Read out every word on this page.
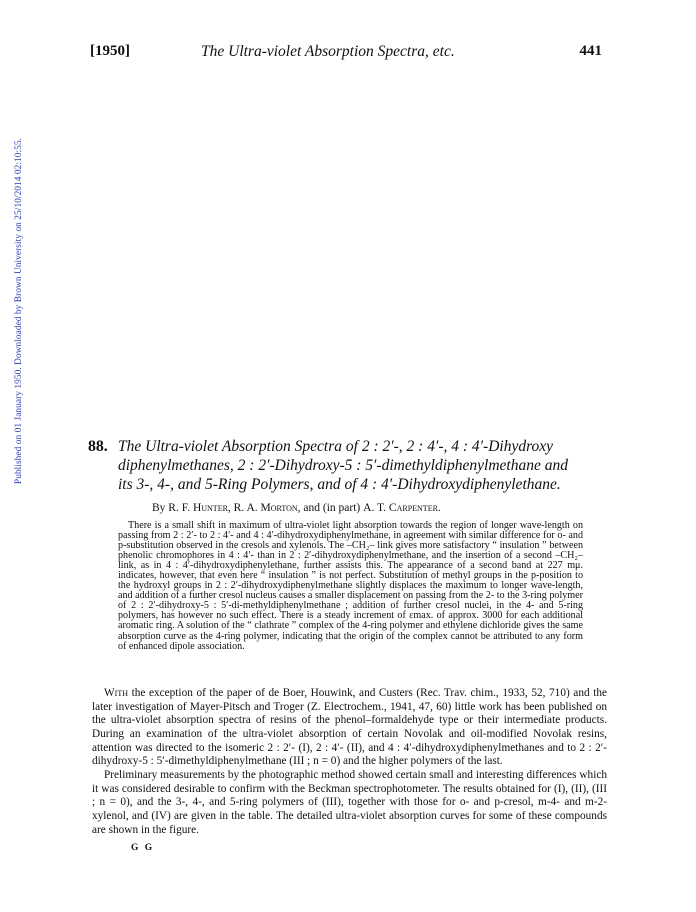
Published on 01 January 1950. Downloaded by Brown University on 25/10/2014 02:10:55.
[1950]	The Ultra-violet Absorption Spectra, etc.	441
88. The Ultra-violet Absorption Spectra of 2 : 2′-, 2 : 4′-, 4 : 4′-Dihydroxy
diphenylmethanes, 2 : 2′-Dihydroxy-5 : 5′-dimethyldiphenylmethane and
its 3-, 4-, and 5-Ring Polymers, and of 4 : 4′-Dihydroxydiphenylethane.
By R. F. Hunter, R. A. Morton, and (in part) A. T. Carpenter.

There is a small shift in maximum of ultra-violet light absorption towards the region of longer wave-length on passing from 2 : 2′- to 2 : 4′- and 4 : 4′-dihydroxydiphenylmethane, in agreement with similar difference for o- and p-substitution observed in the cresols and xylenols. The –CH₂– link gives more satisfactory “ insulation ” between phenolic chromophores in 4 : 4′- than in 2 : 2′-dihydroxydiphenylmethane, and the insertion of a second –CH₂– link, as in 4 : 4′-dihydroxydiphenylethane, further assists this. The appearance of a second band at 227 mμ. indicates, however, that even here “ insulation ” is not perfect. Substitution of methyl groups in the p-position to the hydroxyl groups in 2 : 2′-dihydroxydiphenylmethane slightly displaces the maximum to longer wave-length, and addition of a further cresol nucleus causes a smaller displacement on passing from the 2- to the 3-ring polymer of 2 : 2′-dihydroxy-5 : 5′-di-methyldiphenylmethane ; addition of further cresol nuclei, in the 4- and 5-ring polymers, has however no such effect. There is a steady increment of εmax. of approx. 3000 for each additional aromatic ring. A solution of the “ clathrate ” complex of the 4-ring polymer and ethylene dichloride gives the same absorption curve as the 4-ring polymer, indicating that the origin of the complex cannot be attributed to any form of enhanced dipole association.

With the exception of the paper of de Boer, Houwink, and Custers (Rec. Trav. chim., 1933, 52, 710) and the later investigation of Mayer-Pitsch and Troger (Z. Electrochem., 1941, 47, 60) little work has been published on the ultra-violet absorption spectra of resins of the phenol–formaldehyde type or their intermediate products. During an examination of the ultra-violet absorption of certain Novolak and oil-modified Novolak resins, attention was directed to the isomeric 2 : 2′- (I), 2 : 4′- (II), and 4 : 4′-dihydroxydiphenylmethanes and to 2 : 2′-dihydroxy-5 : 5′-dimethyldiphenylmethane (III ; n = 0) and the higher polymers of the last.

Preliminary measurements by the photographic method showed certain small and interesting differences which it was considered desirable to confirm with the Beckman spectrophotometer. The results obtained for (I), (II), (III ; n = 0), and the 3-, 4-, and 5-ring polymers of (III), together with those for o- and p-cresol, m-4- and m-2-xylenol, and (IV) are given in the table. The detailed ultra-violet absorption curves for some of these compounds are shown in the figure.

G G
